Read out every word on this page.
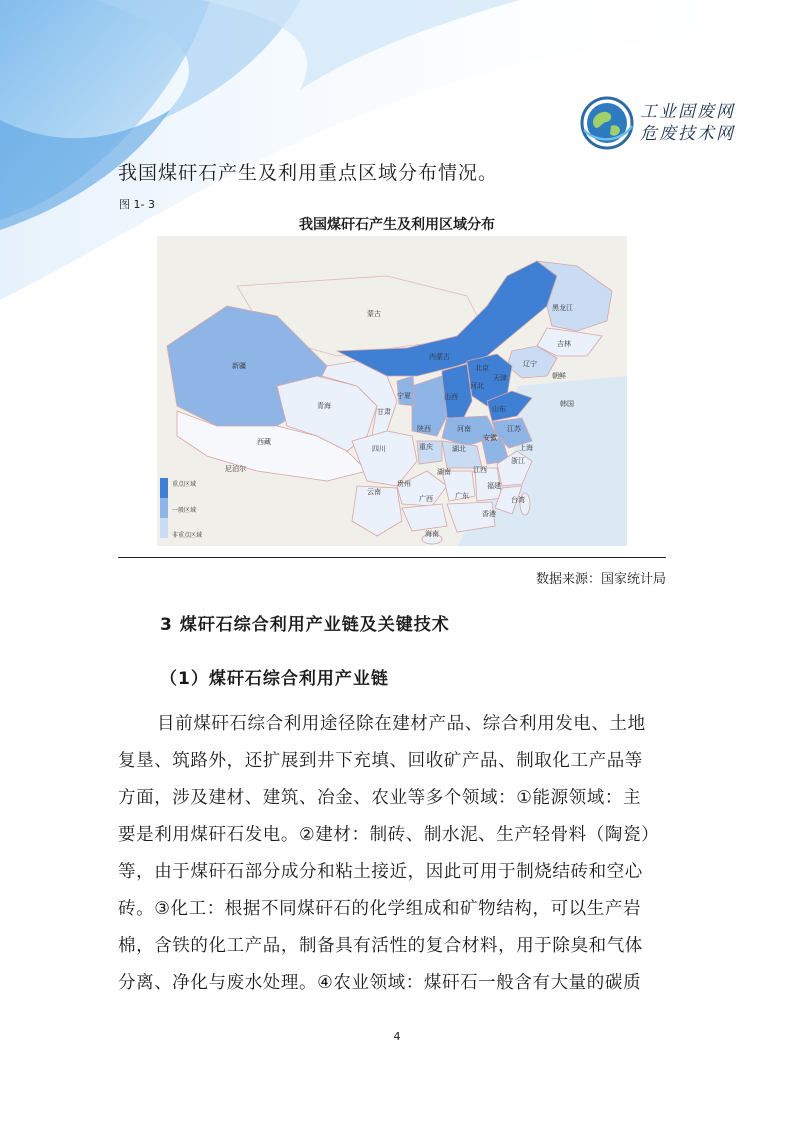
工业固废网
危废技术网

我国煤矸石产生及利用重点区域分布情况。

图 1- 3

我国煤矸石产生及利用区域分布

蒙古
新疆
西藏
青海
甘肃
内蒙古
黑龙江
吉林
辽宁
北京
天津
河北
山西
山东
宁夏
陕西	河南	江苏
安徽
上海
四川	重庆	湖北
浙江
贵州
湖南	江西
福建
云南
广西	广东	台湾
香港
海南
尼泊尔
朝鲜
韩国
重点区域
一般区域
非重点区域

数据来源：国家统计局

3 煤矸石综合利用产业链及关键技术

（1）煤矸石综合利用产业链

目前煤矸石综合利用途径除在建材产品、综合利用发电、土地

复垦、筑路外，还扩展到井下充填、回收矿产品、制取化工产品等

方面，涉及建材、建筑、冶金、农业等多个领域：①能源领域：主

要是利用煤矸石发电。②建材：制砖、制水泥、生产轻骨料（陶瓷）

等，由于煤矸石部分成分和粘土接近，因此可用于制烧结砖和空心

砖。③化工：根据不同煤矸石的化学组成和矿物结构，可以生产岩

棉，含铁的化工产品，制备具有活性的复合材料，用于除臭和气体

分离、净化与废水处理。④农业领域：煤矸石一般含有大量的碳质

4
